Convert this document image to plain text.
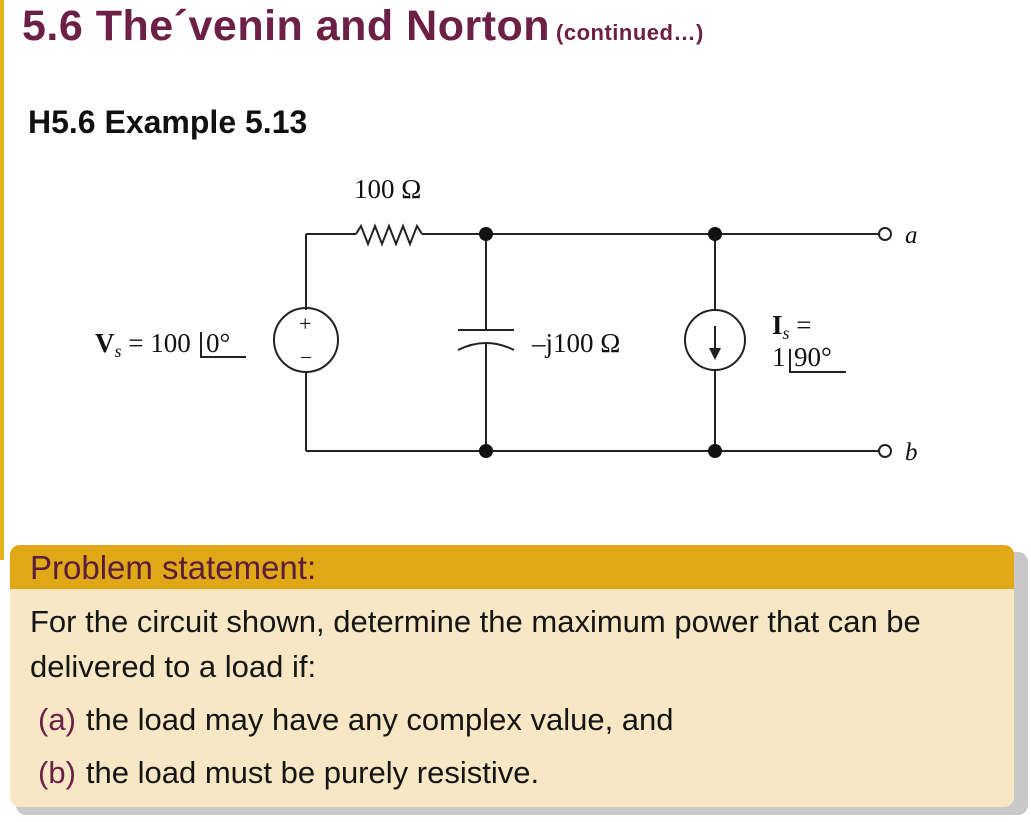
5.6 The´venin and Norton (continued…)
H5.6 Example 5.13
100 Ω
+
–
Vs = 100 0°	–j100 Ω
Is =
1 90°
a
b
Problem statement:

For the circuit shown, determine the maximum power that can be delivered to a load if:

(a) the load may have any complex value, and
(b) the load must be purely resistive.
